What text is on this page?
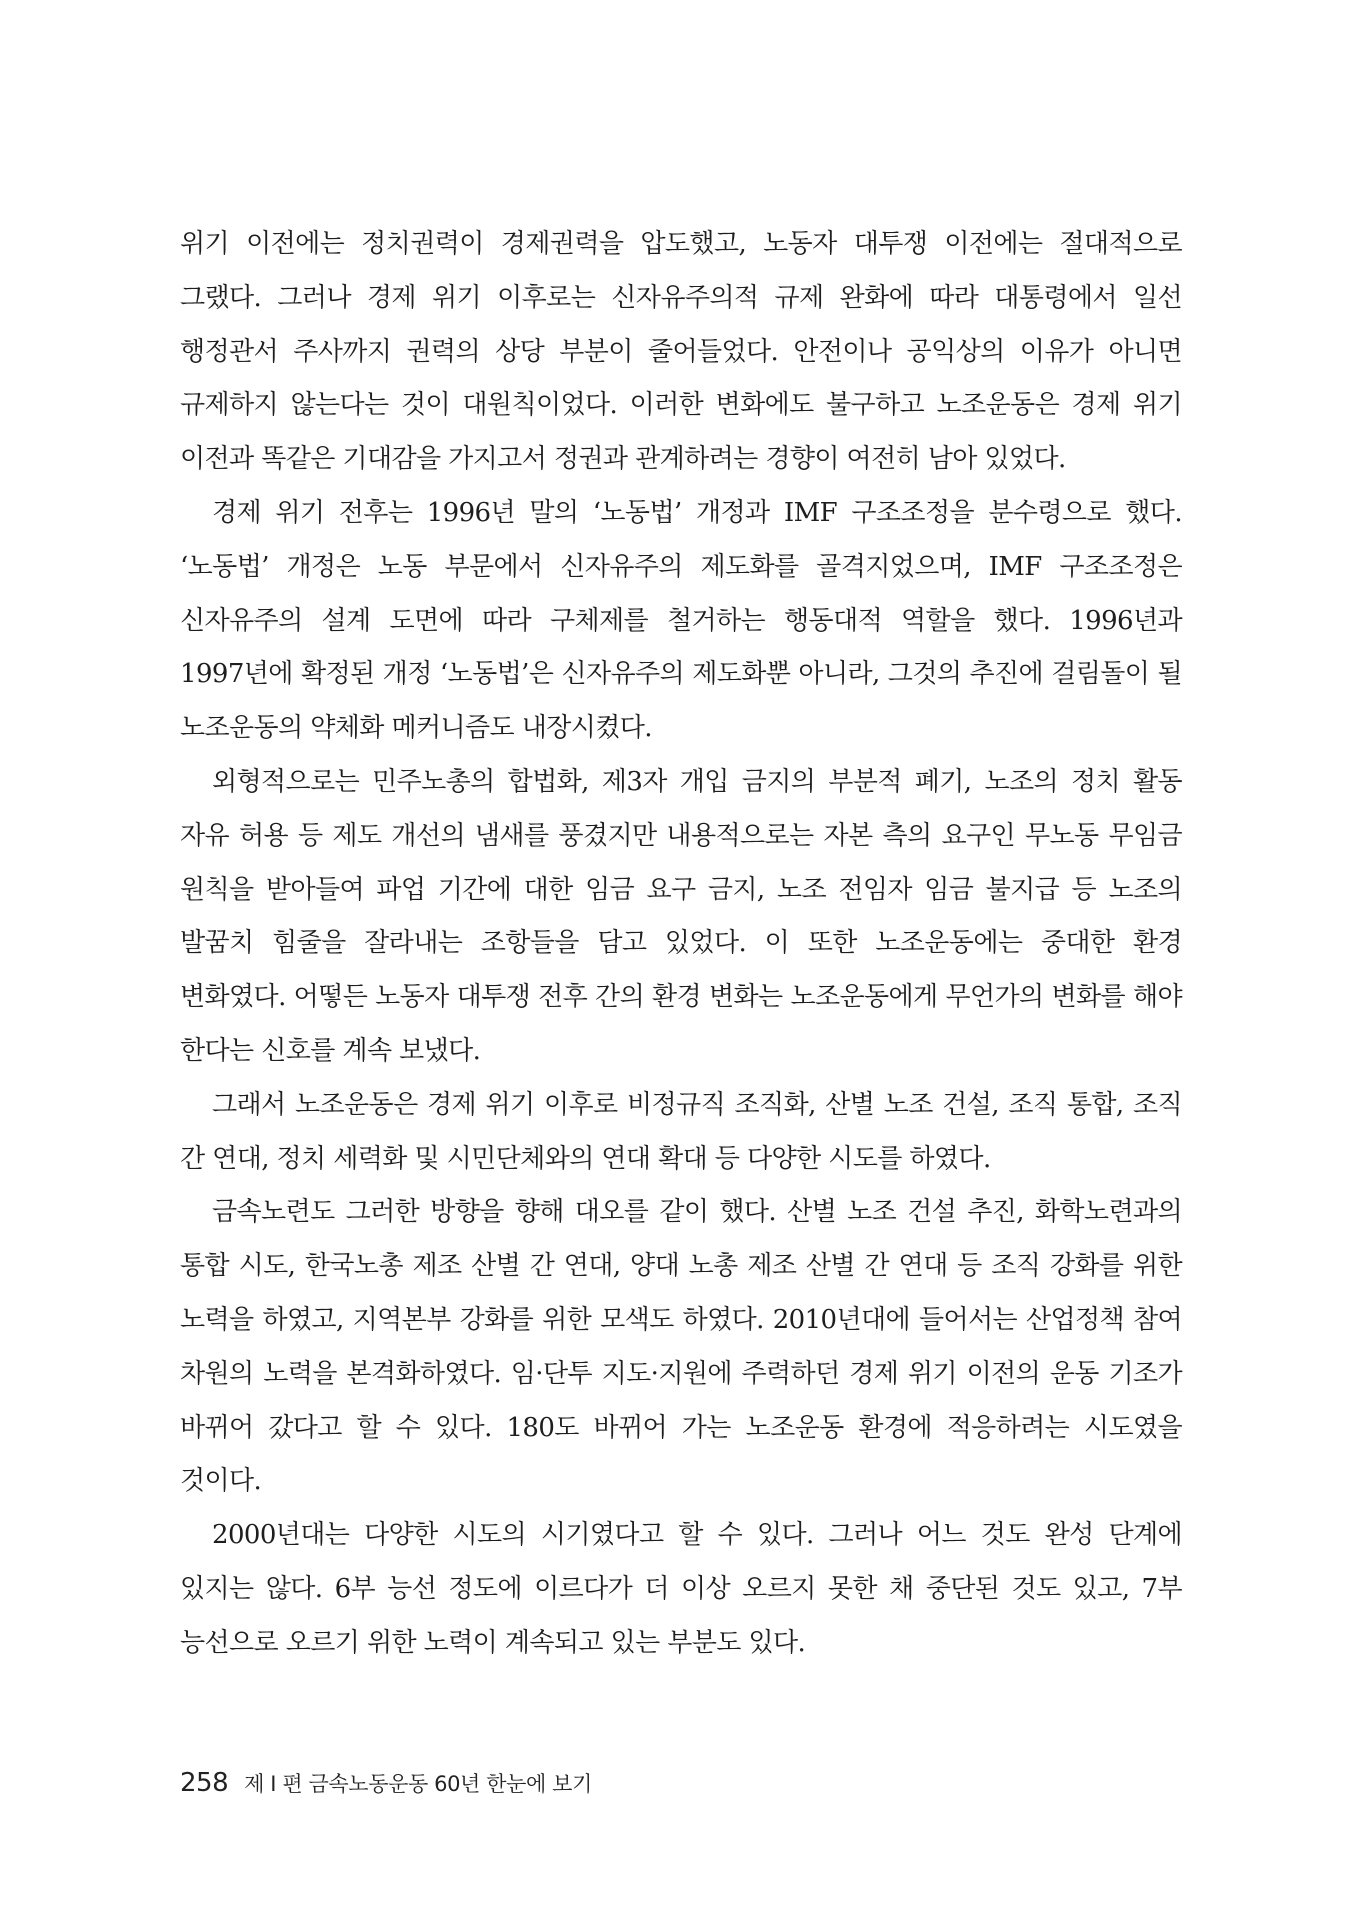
위기 이전에는 정치권력이 경제권력을 압도했고, 노동자 대투쟁 이전에는 절대적으로 그랬다. 그러나 경제 위기 이후로는 신자유주의적 규제 완화에 따라 대통령에서 일선 행정관서 주사까지 권력의 상당 부분이 줄어들었다. 안전이나 공익상의 이유가 아니면 규제하지 않는다는 것이 대원칙이었다. 이러한 변화에도 불구하고 노조운동은 경제 위기 이전과 똑같은 기대감을 가지고서 정권과 관계하려는 경향이 여전히 남아 있었다.

경제 위기 전후는 1996년 말의 ‘노동법’ 개정과 IMF 구조조정을 분수령으로 했다. ‘노동법’ 개정은 노동 부문에서 신자유주의 제도화를 골격지었으며, IMF 구조조정은 신자유주의 설계 도면에 따라 구체제를 철거하는 행동대적 역할을 했다. 1996년과 1997년에 확정된 개정 ‘노동법’은 신자유주의 제도화뿐 아니라, 그것의 추진에 걸림돌이 될 노조운동의 약체화 메커니즘도 내장시켰다.

외형적으로는 민주노총의 합법화, 제3자 개입 금지의 부분적 폐기, 노조의 정치 활동 자유 허용 등 제도 개선의 냄새를 풍겼지만 내용적으로는 자본 측의 요구인 무노동 무임금 원칙을 받아들여 파업 기간에 대한 임금 요구 금지, 노조 전임자 임금 불지급 등 노조의 발꿈치 힘줄을 잘라내는 조항들을 담고 있었다. 이 또한 노조운동에는 중대한 환경 변화였다. 어떻든 노동자 대투쟁 전후 간의 환경 변화는 노조운동에게 무언가의 변화를 해야 한다는 신호를 계속 보냈다.

그래서 노조운동은 경제 위기 이후로 비정규직 조직화, 산별 노조 건설, 조직 통합, 조직 간 연대, 정치 세력화 및 시민단체와의 연대 확대 등 다양한 시도를 하였다.

금속노련도 그러한 방향을 향해 대오를 같이 했다. 산별 노조 건설 추진, 화학노련과의 통합 시도, 한국노총 제조 산별 간 연대, 양대 노총 제조 산별 간 연대 등 조직 강화를 위한 노력을 하였고, 지역본부 강화를 위한 모색도 하였다. 2010년대에 들어서는 산업정책 참여 차원의 노력을 본격화하였다. 임·단투 지도·지원에 주력하던 경제 위기 이전의 운동 기조가 바뀌어 갔다고 할 수 있다. 180도 바뀌어 가는 노조운동 환경에 적응하려는 시도였을 것이다.

2000년대는 다양한 시도의 시기였다고 할 수 있다. 그러나 어느 것도 완성 단계에 있지는 않다. 6부 능선 정도에 이르다가 더 이상 오르지 못한 채 중단된 것도 있고, 7부 능선으로 오르기 위한 노력이 계속되고 있는 부분도 있다.

258 제 I 편 금속노동운동 60년 한눈에 보기
